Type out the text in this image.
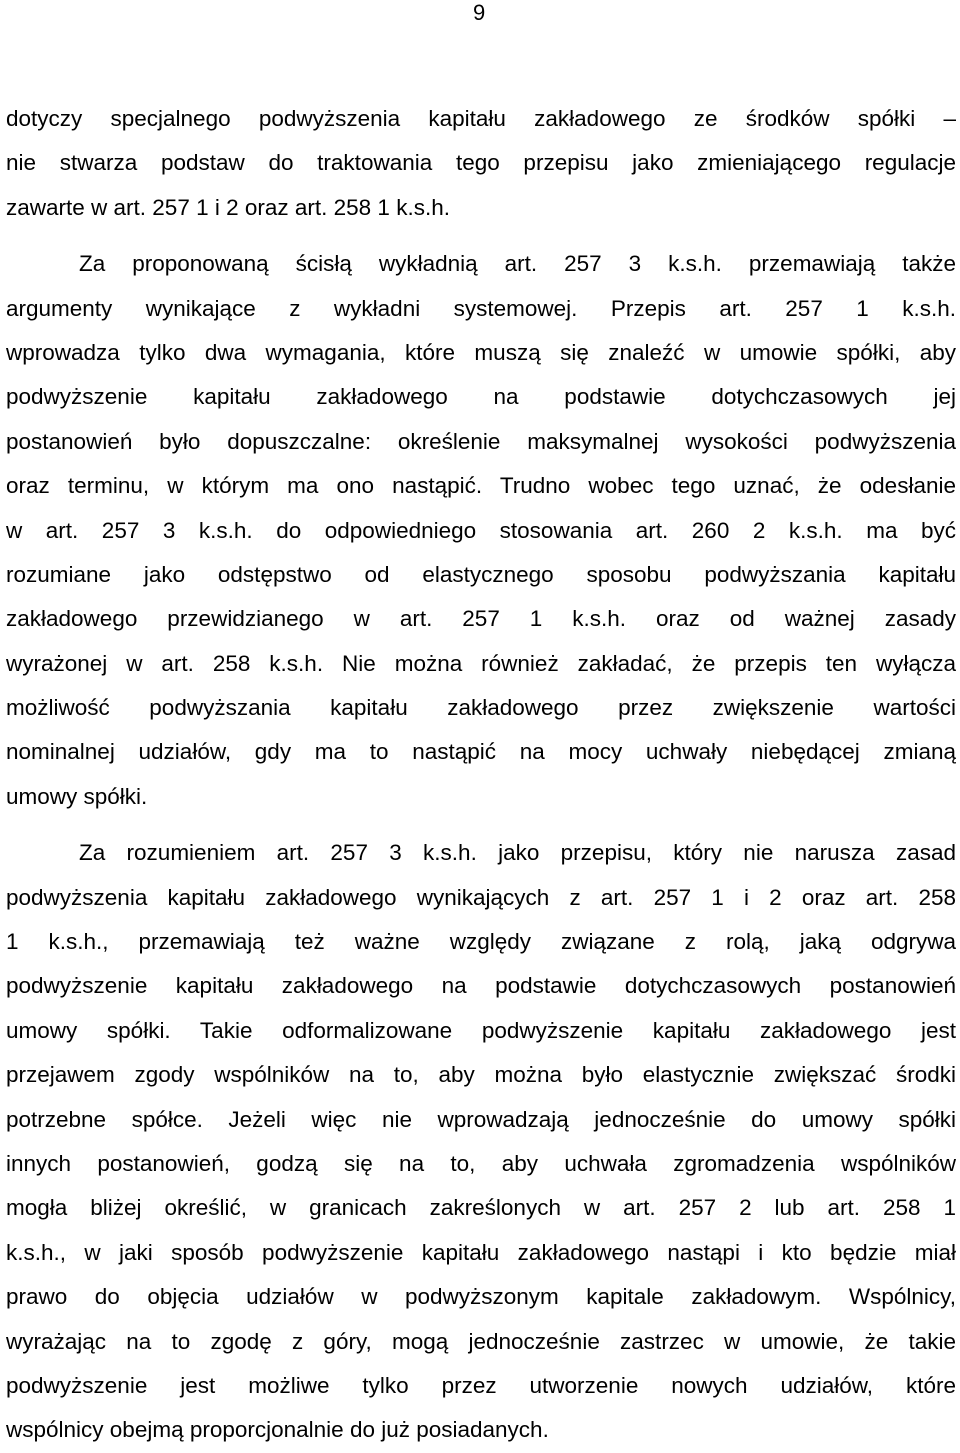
9
dotyczy specjalnego podwyższenia kapitału zakładowego ze środków spółki –
nie stwarza podstaw do traktowania tego przepisu jako zmieniającego regulacje
zawarte w art. 257 1 i 2 oraz art. 258 1 k.s.h.
Za proponowaną ścisłą wykładnią art. 257 3 k.s.h. przemawiają także
argumenty wynikające z wykładni systemowej. Przepis art. 257 1 k.s.h.
wprowadza tylko dwa wymagania, które muszą się znaleźć w umowie spółki, aby
podwyższenie kapitału zakładowego na podstawie dotychczasowych jej
postanowień było dopuszczalne: określenie maksymalnej wysokości podwyższenia
oraz terminu, w którym ma ono nastąpić. Trudno wobec tego uznać, że odesłanie
w art. 257 3 k.s.h. do odpowiedniego stosowania art. 260 2 k.s.h. ma być
rozumiane jako odstępstwo od elastycznego sposobu podwyższania kapitału
zakładowego przewidzianego w art. 257 1 k.s.h. oraz od ważnej zasady
wyrażonej w art. 258 k.s.h. Nie można również zakładać, że przepis ten wyłącza
możliwość podwyższania kapitału zakładowego przez zwiększenie wartości
nominalnej udziałów, gdy ma to nastąpić na mocy uchwały niebędącej zmianą
umowy spółki.
Za rozumieniem art. 257 3 k.s.h. jako przepisu, który nie narusza zasad
podwyższenia kapitału zakładowego wynikających z art. 257 1 i 2 oraz art. 258
1 k.s.h., przemawiają też ważne względy związane z rolą, jaką odgrywa
podwyższenie kapitału zakładowego na podstawie dotychczasowych postanowień
umowy spółki. Takie odformalizowane podwyższenie kapitału zakładowego jest
przejawem zgody wspólników na to, aby można było elastycznie zwiększać środki
potrzebne spółce. Jeżeli więc nie wprowadzają jednocześnie do umowy spółki
innych postanowień, godzą się na to, aby uchwała zgromadzenia wspólników
mogła bliżej określić, w granicach zakreślonych w art. 257 2 lub art. 258 1
k.s.h., w jaki sposób podwyższenie kapitału zakładowego nastąpi i kto będzie miał
prawo do objęcia udziałów w podwyższonym kapitale zakładowym. Wspólnicy,
wyrażając na to zgodę z góry, mogą jednocześnie zastrzec w umowie, że takie
podwyższenie jest możliwe tylko przez utworzenie nowych udziałów, które
wspólnicy obejmą proporcjonalnie do już posiadanych.
